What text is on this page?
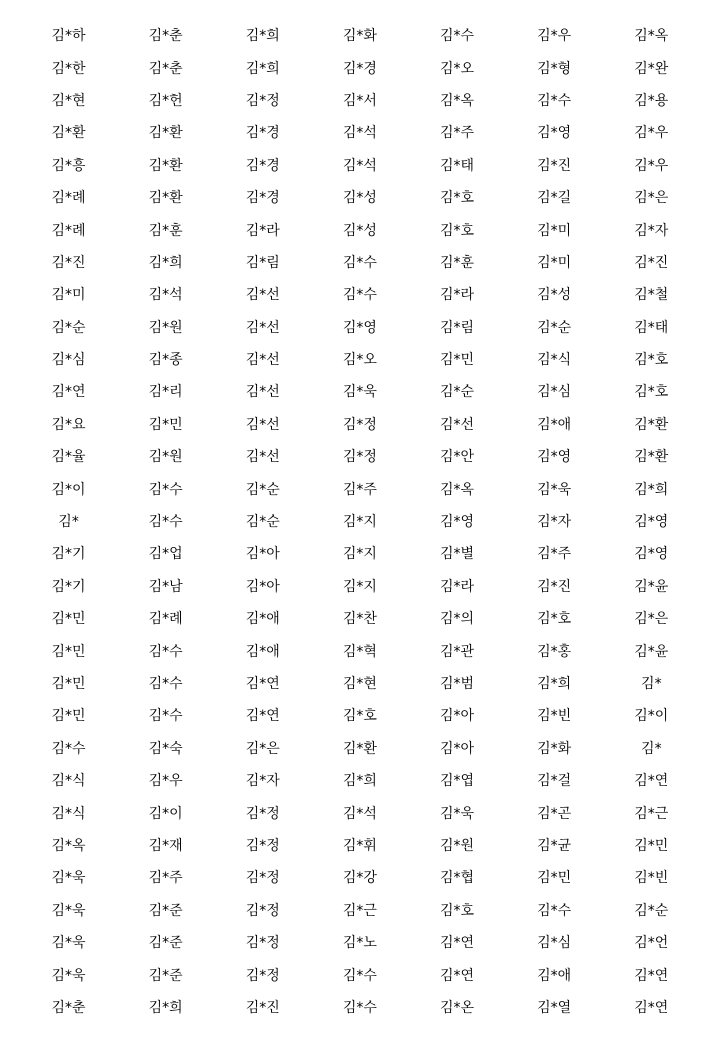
김*하	김*춘	김*희	김*화	김*수	김*우	김*옥
김*한	김*춘	김*희	김*경	김*오	김*형	김*완
김*현	김*헌	김*정	김*서	김*옥	김*수	김*용
김*환	김*환	김*경	김*석	김*주	김*영	김*우
김*흥	김*환	김*경	김*석	김*태	김*진	김*우
김*례	김*환	김*경	김*성	김*호	김*길	김*은
김*례	김*훈	김*라	김*성	김*호	김*미	김*자
김*진	김*희	김*림	김*수	김*훈	김*미	김*진
김*미	김*석	김*선	김*수	김*라	김*성	김*철
김*순	김*원	김*선	김*영	김*림	김*순	김*태
김*심	김*종	김*선	김*오	김*민	김*식	김*호
김*연	김*리	김*선	김*욱	김*순	김*심	김*호
김*요	김*민	김*선	김*정	김*선	김*애	김*환
김*율	김*원	김*선	김*정	김*안	김*영	김*환
김*이	김*수	김*순	김*주	김*옥	김*욱	김*희
김*	김*수	김*순	김*지	김*영	김*자	김*영
김*기	김*업	김*아	김*지	김*별	김*주	김*영
김*기	김*남	김*아	김*지	김*라	김*진	김*윤
김*민	김*례	김*애	김*찬	김*의	김*호	김*은
김*민	김*수	김*애	김*혁	김*관	김*홍	김*윤
김*민	김*수	김*연	김*현	김*범	김*희	김*
김*민	김*수	김*연	김*호	김*아	김*빈	김*이
김*수	김*숙	김*은	김*환	김*아	김*화	김*
김*식	김*우	김*자	김*희	김*엽	김*걸	김*연
김*식	김*이	김*정	김*석	김*욱	김*곤	김*근
김*옥	김*재	김*정	김*휘	김*원	김*균	김*민
김*욱	김*주	김*정	김*강	김*협	김*민	김*빈
김*욱	김*준	김*정	김*근	김*호	김*수	김*순
김*욱	김*준	김*정	김*노	김*연	김*심	김*언
김*욱	김*준	김*정	김*수	김*연	김*애	김*연
김*춘	김*희	김*진	김*수	김*온	김*열	김*연
